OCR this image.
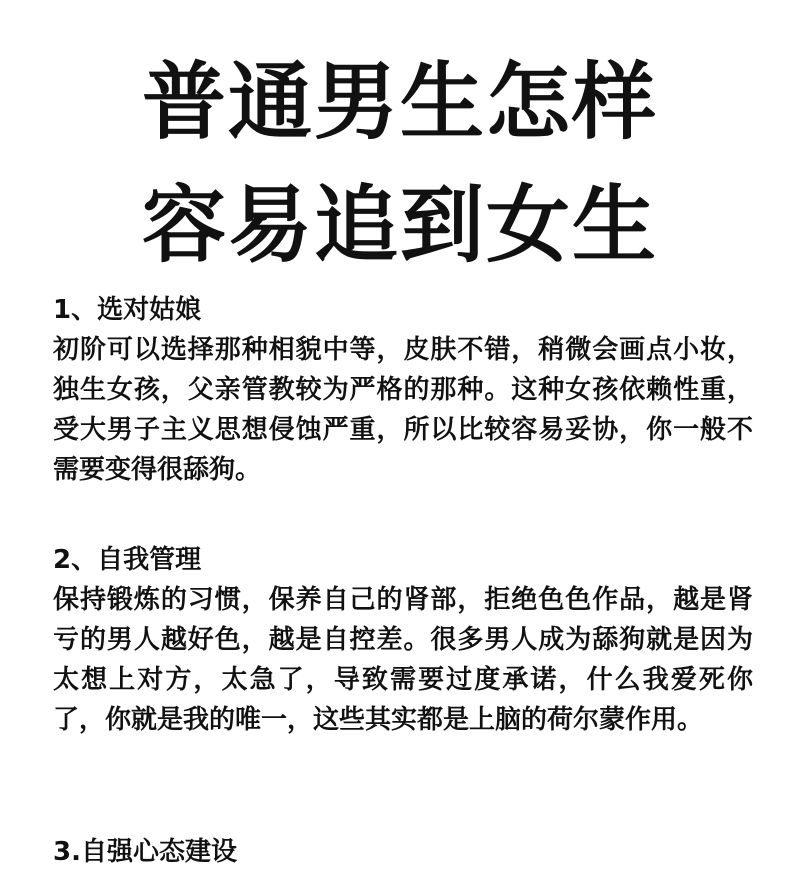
普通男生怎样
容易追到女生
1、选对姑娘

初阶可以选择那种相貌中等，皮肤不错，稍微会画点小妆，独生女孩，父亲管教较为严格的那种。这种女孩依赖性重，受大男子主义思想侵蚀严重，所以比较容易妥协，你一般不需要变得很舔狗。

2、自我管理

保持锻炼的习惯，保养自己的肾部，拒绝色色作品，越是肾亏的男人越好色，越是自控差。很多男人成为舔狗就是因为太想上对方，太急了，导致需要过度承诺，什么我爱死你了，你就是我的唯一，这些其实都是上脑的荷尔蒙作用。

3.自强心态建设
